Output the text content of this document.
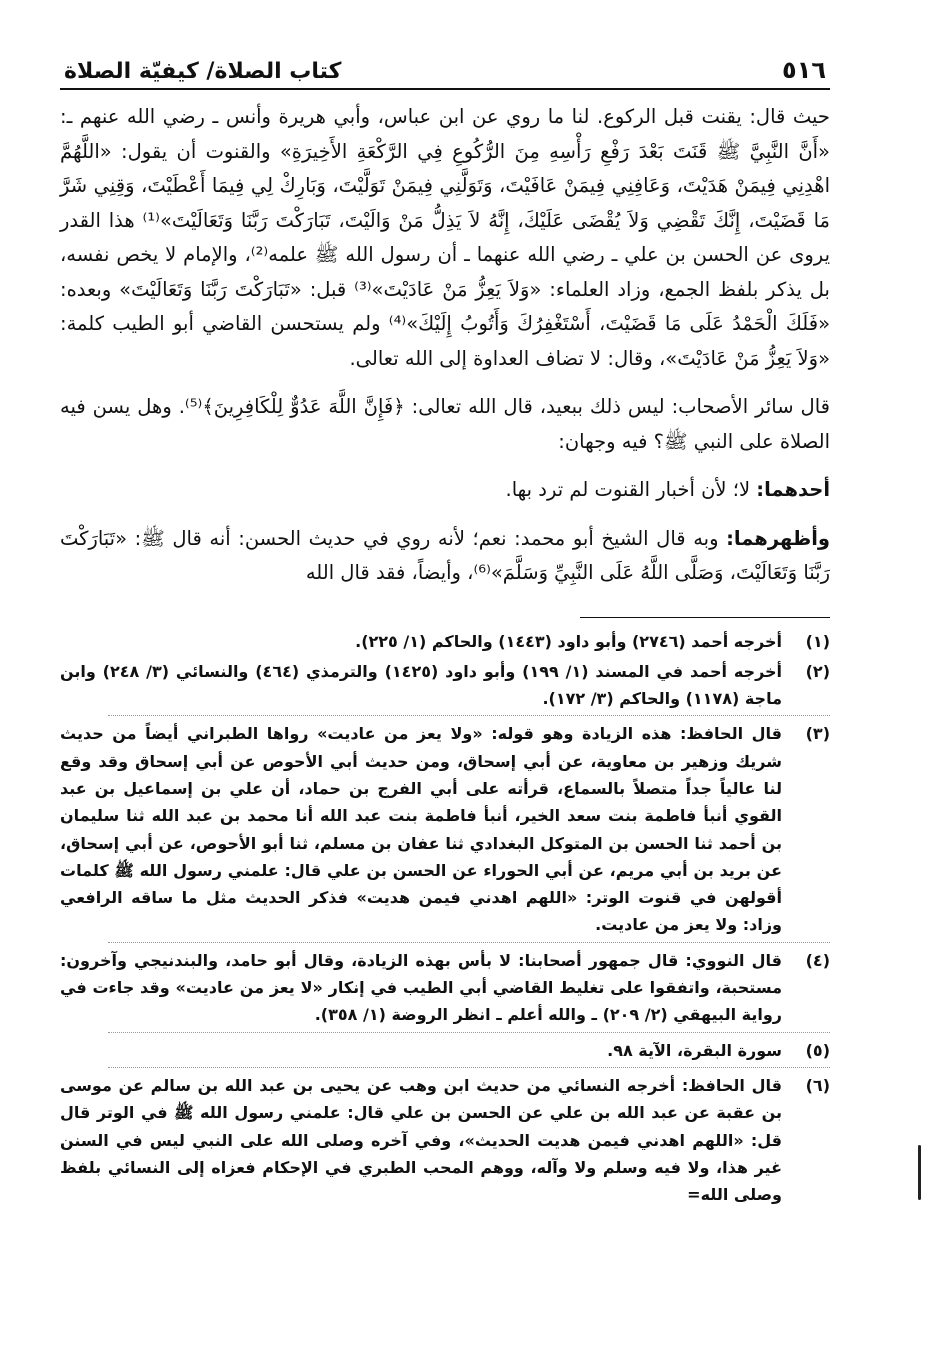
٥١٦
كتاب الصلاة/ كيفيّة الصلاة

حيث قال: يقنت قبل الركوع. لنا ما روي عن ابن عباس، وأبي هريرة وأنس ـ رضي الله عنهم ـ: «أَنَّ النَّبِيَّ ﷺ قَنَتَ بَعْدَ رَفْعِ رَأْسِهِ مِنَ الرُّكُوعِ فِي الرَّكْعَةِ الأَخِيرَةِ» والقنوت أن يقول: «اللَّهُمَّ اهْدِنِي فِيمَنْ هَدَيْتَ، وَعَافِنِي فِيمَنْ عَافَيْتَ، وَتَوَلَّنِي فِيمَنْ تَوَلَّيْتَ، وَبَارِكْ لِي فِيمَا أَعْطَيْتَ، وَقِنِي شَرَّ مَا قَضَيْتَ، إِنَّكَ تَقْضِي وَلاَ يُقْضَى عَلَيْكَ، إِنَّهُ لاَ يَذِلُّ مَنْ وَالَيْتَ، تَبَارَكْتَ رَبَّنَا وَتَعَالَيْتَ»⁽¹⁾ هذا القدر يروى عن الحسن بن علي ـ رضي الله عنهما ـ أن رسول الله ﷺ علمه⁽²⁾، والإمام لا يخص نفسه، بل يذكر بلفظ الجمع، وزاد العلماء: «وَلاَ يَعِزُّ مَنْ عَادَيْتَ»⁽³⁾ قبل: «تَبَارَكْتَ رَبَّنَا وَتَعَالَيْتَ» وبعده: «فَلَكَ الْحَمْدُ عَلَى مَا قَضَيْتَ، أَسْتَغْفِرُكَ وَأَتُوبُ إِلَيْكَ»⁽⁴⁾ ولم يستحسن القاضي أبو الطيب كلمة: «وَلاَ يَعِزُّ مَنْ عَادَيْتَ»، وقال: لا تضاف العداوة إلى الله تعالى.

قال سائر الأصحاب: ليس ذلك ببعيد، قال الله تعالى: ﴿فَإِنَّ اللَّهَ عَدُوٌّ لِلْكَافِرِينَ﴾⁽⁵⁾. وهل يسن فيه الصلاة على النبي ﷺ؟ فيه وجهان:

أحدهما: لا؛ لأن أخبار القنوت لم ترد بها.

وأظهرهما: وبه قال الشيخ أبو محمد: نعم؛ لأنه روي في حديث الحسن: أنه قال ﷺ: «تَبَارَكْتَ رَبَّنَا وَتَعَالَيْتَ، وَصَلَّى اللَّهُ عَلَى النَّبِيِّ وَسَلَّمَ»⁽⁶⁾، وأيضاً، فقد قال الله

(١)
أخرجه أحمد (٢٧٤٦) وأبو داود (١٤٤٣) والحاكم (١/ ٢٢٥).
(٢)
أخرجه أحمد في المسند (١/ ١٩٩) وأبو داود (١٤٢٥) والترمذي (٤٦٤) والنسائي (٣/ ٢٤٨) وابن ماجة (١١٧٨) والحاكم (٣/ ١٧٢).
(٣)
قال الحافظ: هذه الزيادة وهو قوله: «ولا يعز من عاديت» رواها الطبراني أيضاً من حديث شريك وزهير بن معاوية، عن أبي إسحاق، ومن حديث أبي الأحوص عن أبي إسحاق وقد وقع لنا عالياً جداً متصلاً بالسماع، قرأته على أبي الفرج بن حماد، أن علي بن إسماعيل بن عبد القوي أنبأ فاطمة بنت سعد الخير، أنبأ فاطمة بنت عبد الله أنا محمد بن عبد الله ثنا سليمان بن أحمد ثنا الحسن بن المتوكل البغدادي ثنا عفان بن مسلم، ثنا أبو الأحوص، عن أبي إسحاق، عن بريد بن أبي مريم، عن أبي الحوراء عن الحسن بن علي قال: علمني رسول الله ﷺ كلمات أقولهن في قنوت الوتر: «اللهم اهدني فيمن هديت» فذكر الحديث مثل ما ساقه الرافعي وزاد: ولا يعز من عاديت.
(٤)
قال النووي: قال جمهور أصحابنا: لا بأس بهذه الزيادة، وقال أبو حامد، والبندنيجي وآخرون: مستحبة، واتفقوا على تغليط القاضي أبي الطيب في إنكار «لا يعز من عاديت» وقد جاءت في رواية البيهقي (٢/ ٢٠٩) ـ والله أعلم ـ انظر الروضة (١/ ٣٥٨).
(٥)
سورة البقرة، الآية ٩٨.
(٦)
قال الحافظ: أخرجه النسائي من حديث ابن وهب عن يحيى بن عبد الله بن سالم عن موسى بن عقبة عن عبد الله بن علي عن الحسن بن علي قال: علمني رسول الله ﷺ في الوتر قال قل: «اللهم اهدني فيمن هديت الحديث»، وفي آخره وصلى الله على النبي ليس في السنن غير هذا، ولا فيه وسلم ولا وآله، ووهم المحب الطبري في الإحكام فعزاه إلى النسائي بلفظ وصلى الله=
